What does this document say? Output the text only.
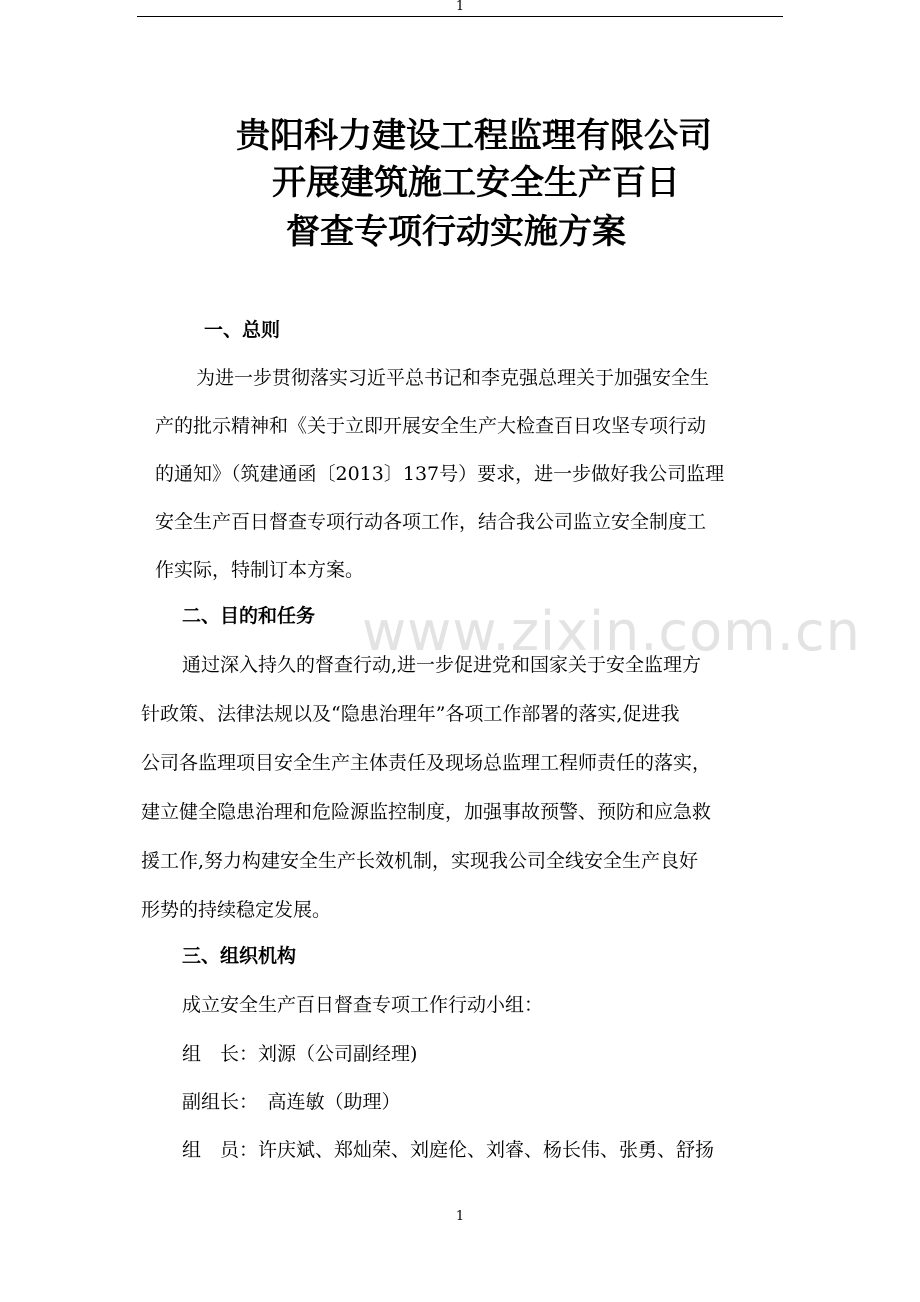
1
贵阳科力建设工程监理有限公司
开展建筑施工安全生产百日
督查专项行动实施方案
www.zixin.com.cn
一、总则
为进一步贯彻落实习近平总书记和李克强总理关于加强安全生
产的批示精神和《关于立即开展安全生产大检查百日攻坚专项行动
的通知》（筑建通函〔2013〕137号）要求，进一步做好我公司监理
安全生产百日督查专项行动各项工作，结合我公司监立安全制度工
作实际，特制订本方案。
二、目的和任务
通过深入持久的督查行动,进一步促进党和国家关于安全监理方
针政策、法律法规以及“隐患治理年”各项工作部署的落实,促进我
公司各监理项目安全生产主体责任及现场总监理工程师责任的落实，
建立健全隐患治理和危险源监控制度，加强事故预警、预防和应急救
援工作,努力构建安全生产长效机制，实现我公司全线安全生产良好
形势的持续稳定发展。
三、组织机构
成立安全生产百日督查专项工作行动小组：
组　长：刘源（公司副经理)
副组长：　高连敏（助理）
组　员：许庆斌、郑灿荣、刘庭伦、刘睿、杨长伟、张勇、舒扬
1
